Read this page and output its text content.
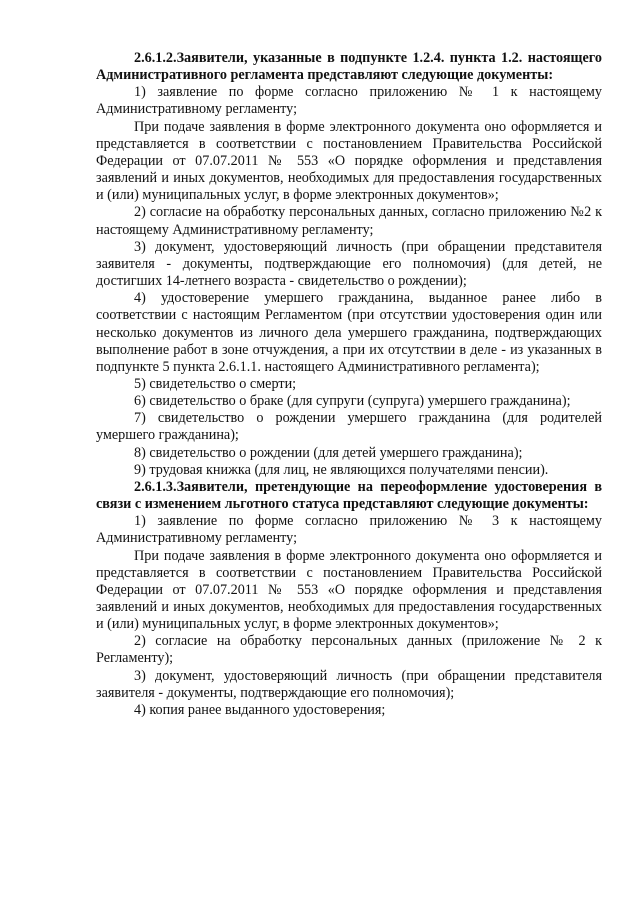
2.6.1.2.Заявители, указанные в подпункте 1.2.4. пункта 1.2. настоящего Административного регламента представляют следующие документы:

1) заявление по форме согласно приложению № 1 к настоящему Административному регламенту;

При подаче заявления в форме электронного документа оно оформляется и представляется в соответствии с постановлением Правительства Российской Федерации от 07.07.2011 № 553 «О порядке оформления и представления заявлений и иных документов, необходимых для предоставления государственных и (или) муниципальных услуг, в форме электронных документов»;

2) согласие на обработку персональных данных, согласно приложению №2 к настоящему Административному регламенту;

3) документ, удостоверяющий личность (при обращении представителя заявителя - документы, подтверждающие его полномочия) (для детей, не достигших 14-летнего возраста - свидетельство о рождении);

4) удостоверение умершего гражданина, выданное ранее либо в соответствии с настоящим Регламентом (при отсутствии удостоверения один или несколько документов из личного дела умершего гражданина, подтверждающих выполнение работ в зоне отчуждения, а при их отсутствии в деле - из указанных в подпункте 5 пункта 2.6.1.1. настоящего Административного регламента);

5) свидетельство о смерти;

6) свидетельство о браке (для супруги (супруга) умершего гражданина);

7) свидетельство о рождении умершего гражданина (для родителей умершего гражданина);

8) свидетельство о рождении (для детей умершего гражданина);

9) трудовая книжка (для лиц, не являющихся получателями пенсии).

2.6.1.3.Заявители, претендующие на переоформление удостоверения в связи с изменением льготного статуса представляют следующие документы:

1) заявление по форме согласно приложению № 3 к настоящему Административному регламенту;

При подаче заявления в форме электронного документа оно оформляется и представляется в соответствии с постановлением Правительства Российской Федерации от 07.07.2011 № 553 «О порядке оформления и представления заявлений и иных документов, необходимых для предоставления государственных и (или) муниципальных услуг, в форме электронных документов»;

2) согласие на обработку персональных данных (приложение № 2 к Регламенту);

3) документ, удостоверяющий личность (при обращении представителя заявителя - документы, подтверждающие его полномочия);

4) копия ранее выданного удостоверения;
